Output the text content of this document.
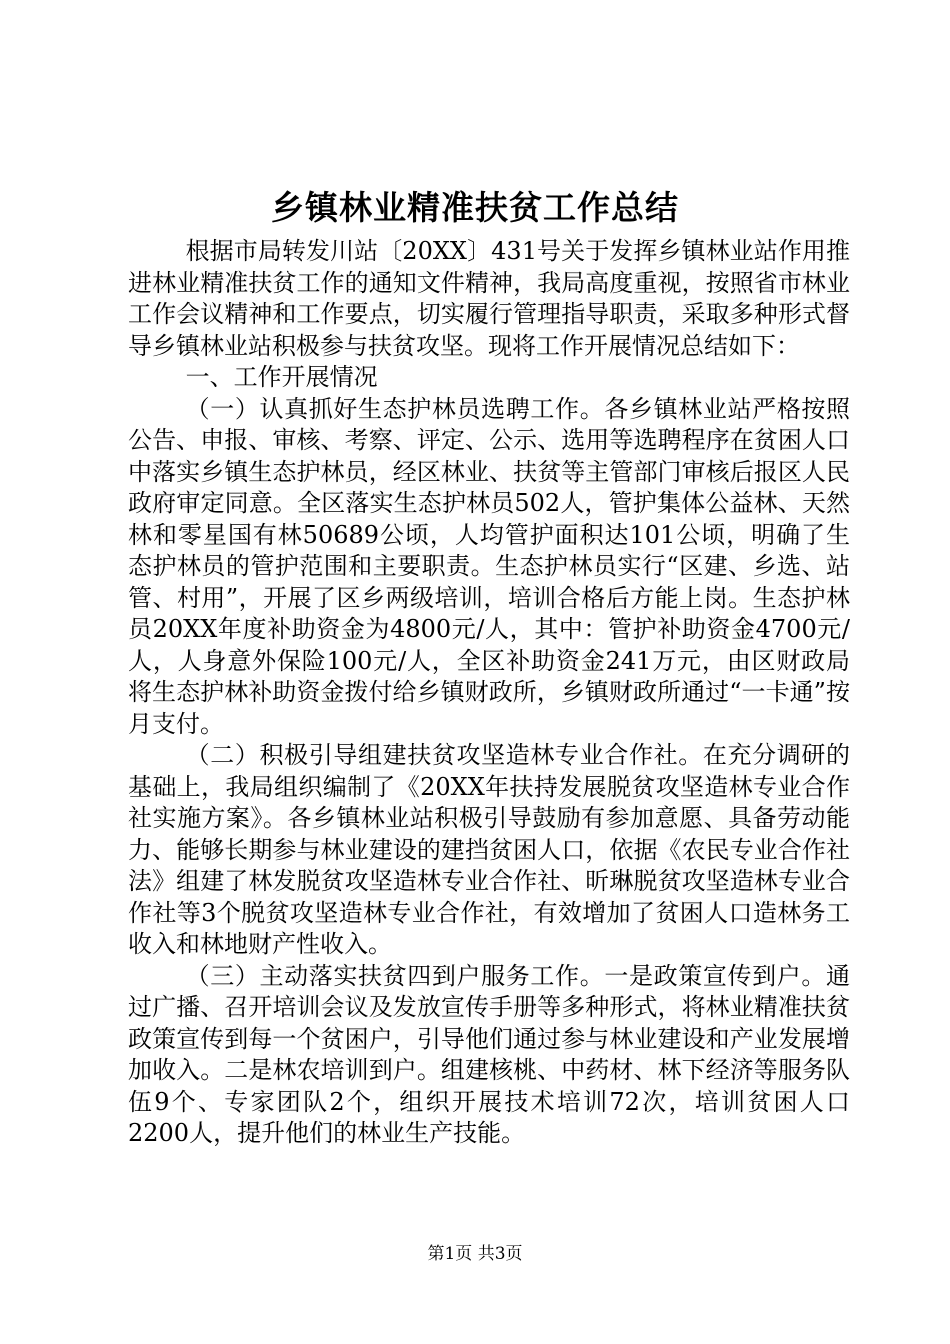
乡镇林业精准扶贫工作总结

根据市局转发川站〔20XX〕431号关于发挥乡镇林业站作用推进林业精准扶贫工作的通知文件精神，我局高度重视，按照省市林业工作会议精神和工作要点，切实履行管理指导职责，采取多种形式督导乡镇林业站积极参与扶贫攻坚。现将工作开展情况总结如下：

一、工作开展情况

（一）认真抓好生态护林员选聘工作。各乡镇林业站严格按照公告、申报、审核、考察、评定、公示、选用等选聘程序在贫困人口中落实乡镇生态护林员，经区林业、扶贫等主管部门审核后报区人民政府审定同意。全区落实生态护林员502人，管护集体公益林、天然林和零星国有林50689公顷，人均管护面积达101公顷，明确了生态护林员的管护范围和主要职责。生态护林员实行“区建、乡选、站管、村用”，开展了区乡两级培训，培训合格后方能上岗。生态护林员20XX年度补助资金为4800元/人，其中：管护补助资金4700元/人，人身意外保险100元/人，全区补助资金241万元，由区财政局将生态护林补助资金拨付给乡镇财政所，乡镇财政所通过“一卡通”按月支付。

（二）积极引导组建扶贫攻坚造林专业合作社。在充分调研的基础上，我局组织编制了《20XX年扶持发展脱贫攻坚造林专业合作社实施方案》。各乡镇林业站积极引导鼓励有参加意愿、具备劳动能力、能够长期参与林业建设的建挡贫困人口，依据《农民专业合作社法》组建了林发脱贫攻坚造林专业合作社、昕琳脱贫攻坚造林专业合作社等3个脱贫攻坚造林专业合作社，有效增加了贫困人口造林务工收入和林地财产性收入。

（三）主动落实扶贫四到户服务工作。一是政策宣传到户。通过广播、召开培训会议及发放宣传手册等多种形式，将林业精准扶贫政策宣传到每一个贫困户，引导他们通过参与林业建设和产业发展增加收入。二是林农培训到户。组建核桃、中药材、林下经济等服务队伍9个、专家团队2个，组织开展技术培训72次，培训贫困人口2200人，提升他们的林业生产技能。

第1页 共3页
